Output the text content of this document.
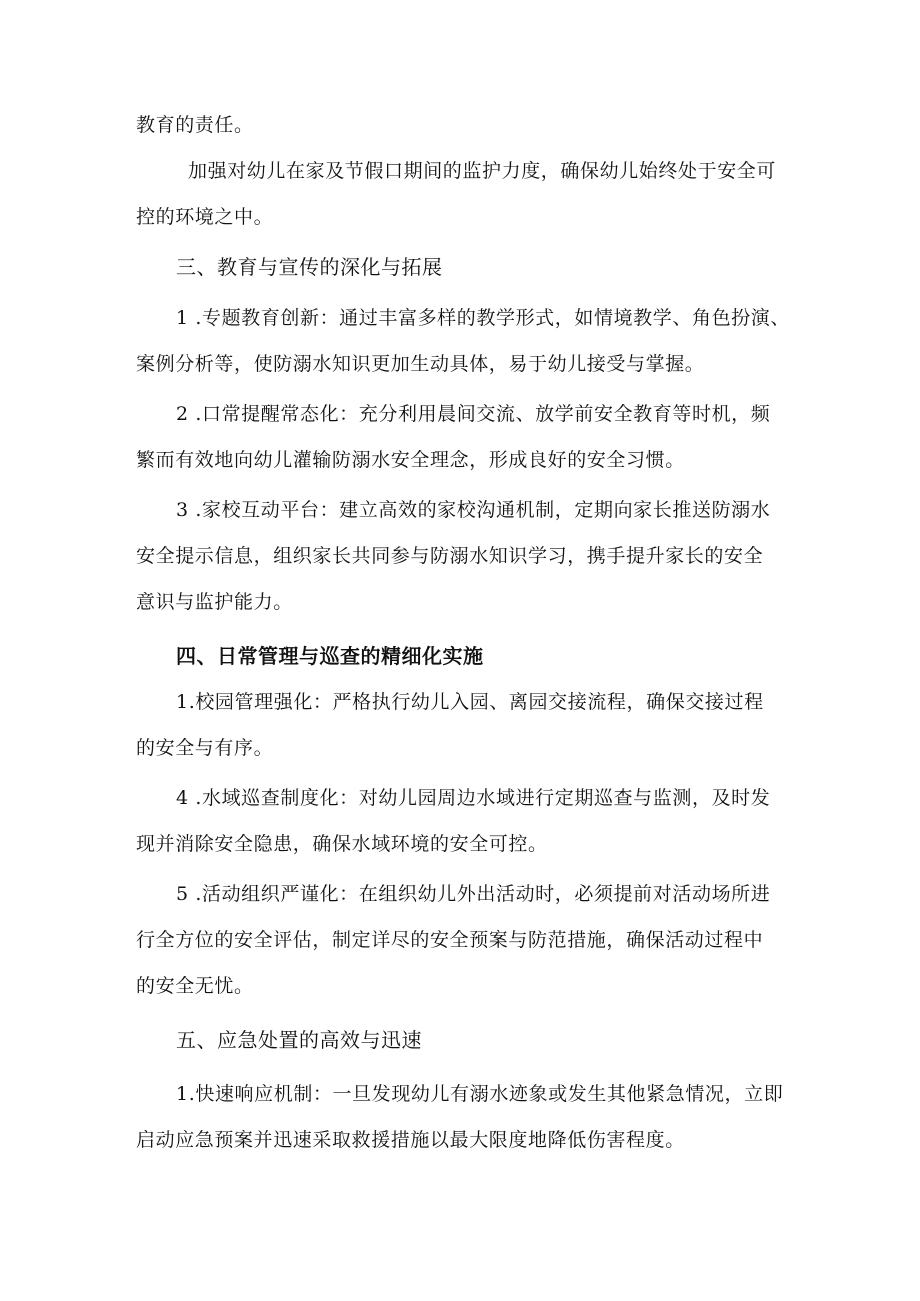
教育的责任。
加强对幼儿在家及节假口期间的监护力度，确保幼儿始终处于安全可
控的环境之中。
三、教育与宣传的深化与拓展
1 .专题教育创新：通过丰富多样的教学形式，如情境教学、角色扮演、
案例分析等，使防溺水知识更加生动具体，易于幼儿接受与掌握。
2 .口常提醒常态化：充分利用晨间交流、放学前安全教育等时机，频
繁而有效地向幼儿灌输防溺水安全理念，形成良好的安全习惯。
3 .家校互动平台：建立高效的家校沟通机制，定期向家长推送防溺水
安全提示信息，组织家长共同参与防溺水知识学习，携手提升家长的安全
意识与监护能力。
四、日常管理与巡查的精细化实施
1.校园管理强化：严格执行幼儿入园、离园交接流程，确保交接过程
的安全与有序。
4 .水域巡查制度化：对幼儿园周边水域进行定期巡查与监测，及时发
现并消除安全隐患，确保水域环境的安全可控。
5 .活动组织严谨化：在组织幼儿外出活动时，必须提前对活动场所进
行全方位的安全评估，制定详尽的安全预案与防范措施，确保活动过程中
的安全无忧。
五、应急处置的高效与迅速
1.快速响应机制：一旦发现幼儿有溺水迹象或发生其他紧急情况，立即
启动应急预案并迅速采取救援措施以最大限度地降低伤害程度。
